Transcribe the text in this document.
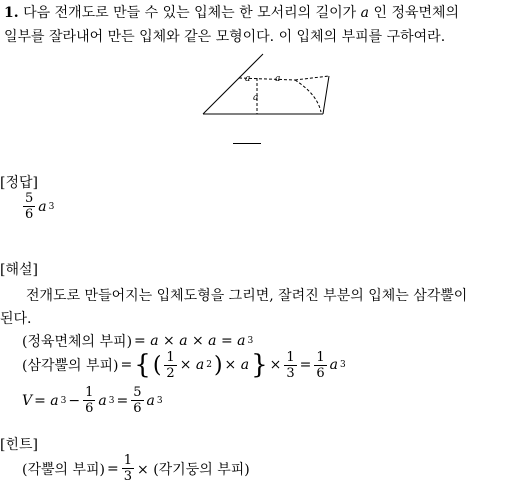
1. 다음 전개도로 만들 수 있는 입체는 한 모서리의 길이가 a 인 정육면체의
일부를 잘라내어 만든 입체와 같은 모형이다. 이 입체의 부피를 구하여라.
a	a
a
[정답]
$\frac{5}{6}$ a 3
[해설]
전개도로 만들어지는 입체도형을 그리면, 잘려진 부분의 입체는 삼각뿔이
된다.
(정육면체의 부피) = a × a × a = a 3
(삼각뿔의 부피) = { ( $\frac{1}{2} \times a$ 2 ) × a } × $\frac{1}{3} = \frac{1}{6}$ a 3
V = a $3 - \frac{1}{6}$ a $3 = \frac{5}{6}$ a 3
[힌트]
(각뿔의 부피) = $\frac{1}{3}$ × (각기둥의 부피)
